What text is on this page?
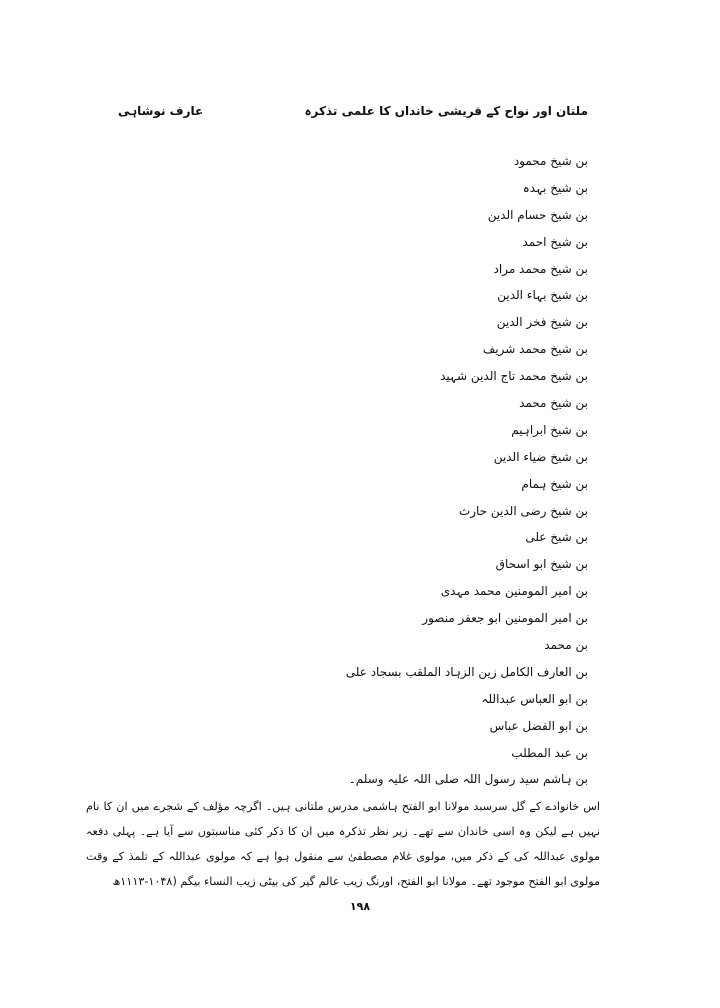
ملتان اور نواح کے قریشی خانداں کا علمی تذکرہ
عارف نوشاہی
بن شیخ محمود
بن شیخ بہدہ
بن شیخ حسام الدین
بن شیخ احمد
بن شیخ محمد مراد
بن شیخ بہاء الدین
بن شیخ فخر الدین
بن شیخ محمد شریف
بن شیخ محمد تاج الدین شہید
بن شیخ محمد
بن شیخ ابراہیم
بن شیخ ضیاء الدین
بن شیخ ہمام
بن شیخ رضی الدین حارث
بن شیخ علی
بن شیخ ابو اسحاق
بن امیر المومنین محمد مہدی
بن امیر المومنین ابو جعفر منصور
بن محمد
بن العارف الکامل زین الزہاد الملقب بسجاد علی
بن ابو العباس عبداللہ
بن ابو الفضل عباس
بن عبد المطلب
بن ہاشم سید رسول اللہ صلی اللہ علیہ وسلم۔

اس خانوادے کے گل سرسبد مولانا ابو الفتح ہاشمی مدرس ملتانی ہیں۔ اگرچہ مؤلف کے شجرے میں ان کا نام نہیں ہے لیکن وہ اسی خاندان سے تھے۔ زیر نظر تذکرہ میں ان کا ذکر کئی مناسبتوں سے آیا ہے۔ پہلی دفعہ مولوی عبداللہ کی کے ذکر میں، مولوی غلام مصطفیٰ سے منقول ہوا ہے کہ مولوی عبداللہ کے تلمذ کے وقت مولوی ابو الفتح موجود تھے۔ مولانا ابو الفتح، اورنگ زیب عالم گیر کی بیٹی زیب النساء بیگم (۱۰۴۸-۱۱۱۳ھ

۱۹۸
